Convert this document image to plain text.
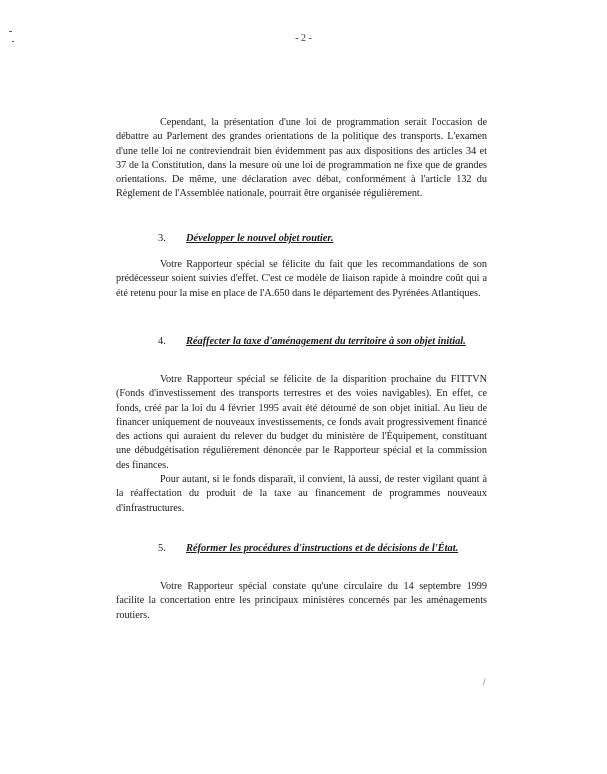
- 2 -

Cependant, la présentation d'une loi de programmation serait l'occasion de débattre au Parlement des grandes orientations de la politique des transports. L'examen d'une telle loi ne contreviendrait bien évidemment pas aux dispositions des articles 34 et 37 de la Constitution, dans la mesure où une loi de programmation ne fixe que de grandes orientations. De même, une déclaration avec débat, conformément à l'article 132 du Règlement de l'Assemblée nationale, pourrait être organisée régulièrement.

3.	Développer le nouvel objet routier.

Votre Rapporteur spécial se félicite du fait que les recommandations de son prédécesseur soient suivies d'effet. C'est ce modèle de liaison rapide à moindre coût qui a été retenu pour la mise en place de l'A.650 dans le département des Pyrénées Atlantiques.

4.	Réaffecter la taxe d'aménagement du territoire à son objet initial.

Votre Rapporteur spécial se félicite de la disparition prochaine du FITTVN (Fonds d'investissement des transports terrestres et des voies navigables). En effet, ce fonds, créé par la loi du 4 février 1995 avait été détourné de son objet initial. Au lieu de financer uniquement de nouveaux investissements, ce fonds avait progressivement financé des actions qui auraient du relever du budget du ministère de l'Équipement, constituant une débudgétisation régulièrement dénoncée par le Rapporteur spécial et la commission des finances.

Pour autant, si le fonds disparaît, il convient, là aussi, de rester vigilant quant à la réaffectation du produit de la taxe au financement de programmes nouveaux d'infrastructures.

5.	Réformer les procédures d'instructions et de décisions de l'État.

Votre Rapporteur spécial constate qu'une circulaire du 14 septembre 1999 facilite la concertation entre les principaux ministères concernés par les aménagements routiers.

/
